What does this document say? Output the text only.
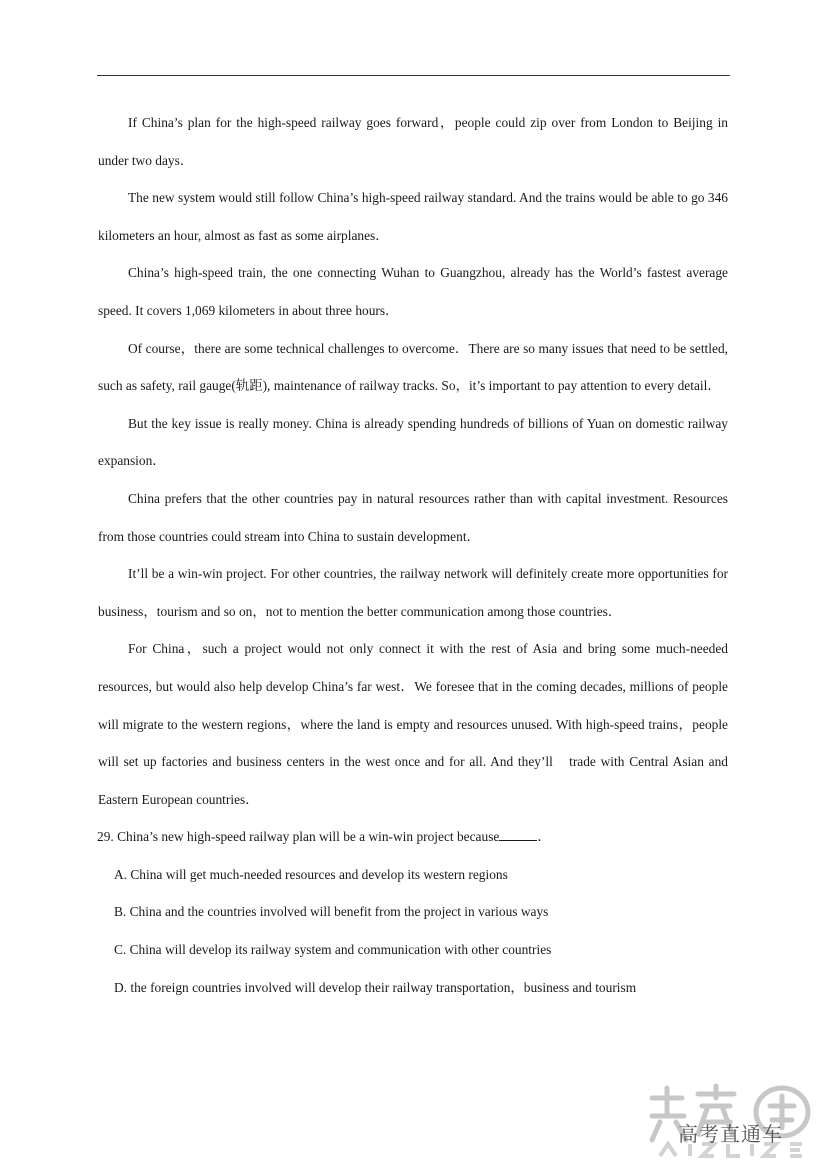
If China’s plan for the high-speed railway goes forward，people could zip over from London to Beijing in under two days．

The new system would still follow China’s high-speed railway standard. And the trains would be able to go 346 kilometers an hour, almost as fast as some airplanes．

China’s high-speed train, the one connecting Wuhan to Guangzhou, already has the World’s fastest average speed. It covers 1,069 kilometers in about three hours．

Of course，there are some technical challenges to overcome．There are so many issues that need to be settled, such as safety, rail gauge(轨距), maintenance of railway tracks. So，it’s important to pay attention to every detail．

But the key issue is really money. China is already spending hundreds of billions of Yuan on domestic railway expansion．

China prefers that the other countries pay in natural resources rather than with capital investment. Resources from those countries could stream into China to sustain development．

It’ll be a win-win project. For other countries, the railway network will definitely create more opportunities for business，tourism and so on，not to mention the better communication among those countries．

For China，such a project would not only connect it with the rest of Asia and bring some much-needed resources, but would also help develop China’s far west．We foresee that in the coming decades, millions of people will migrate to the western regions，where the land is empty and resources unused. With high-speed trains，people will set up factories and business centers in the west once and for all. And they’ll　trade with Central Asian and Eastern European countries．

29. China’s new high-speed railway plan will be a win-win project because	．

A. China will get much-needed resources and develop its western regions

B. China and the countries involved will benefit from the project in various ways

C. China will develop its railway system and communication with other countries

D. the foreign countries involved will develop their railway transportation，business and tourism

高考直通车
